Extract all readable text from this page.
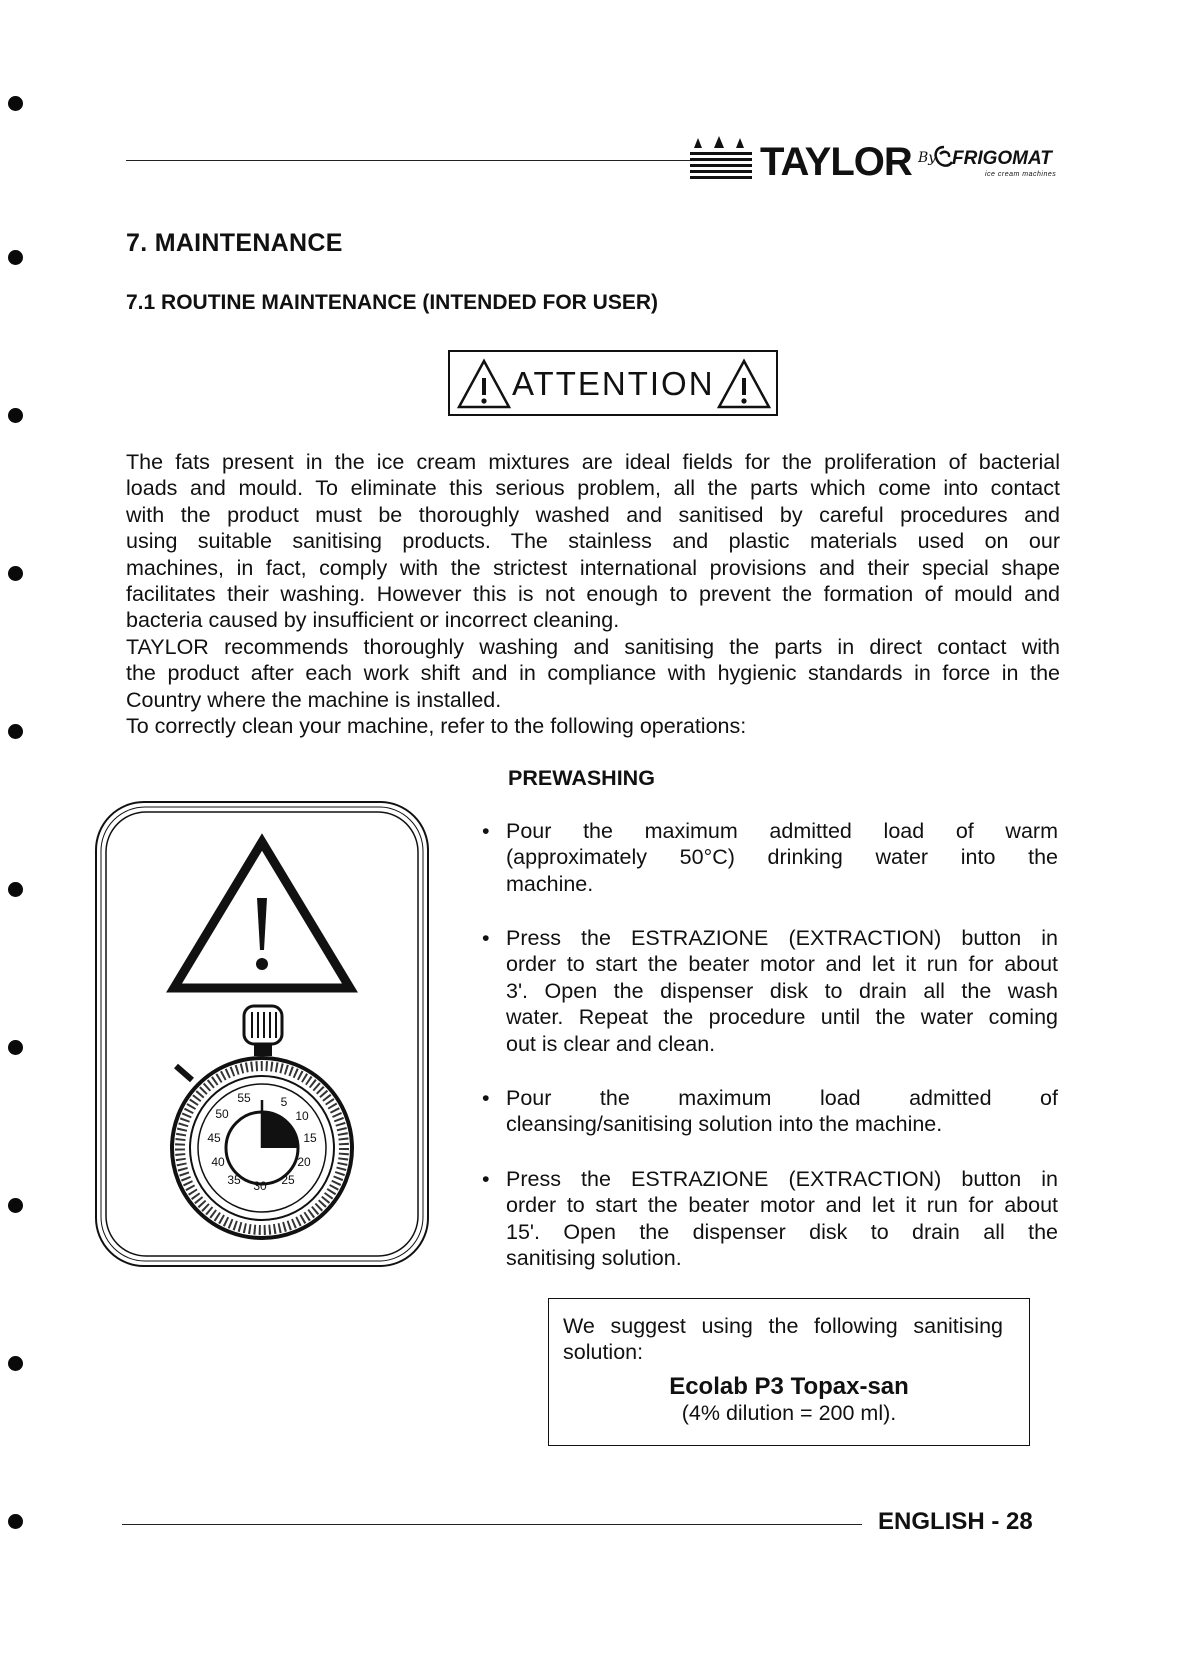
TAYLOR By FRIGOMAT
ice cream machines
7. MAINTENANCE
7.1 ROUTINE MAINTENANCE (INTENDED FOR USER)
ATTENTION
The fats present in the ice cream mixtures are ideal fields for the proliferation of bacterial
loads and mould. To eliminate this serious problem, all the parts which come into contact
with the product must be thoroughly washed and sanitised by careful procedures and
using suitable sanitising products. The stainless and plastic materials used on our
machines, in fact, comply with the strictest international provisions and their special shape
facilitates their washing. However this is not enough to prevent the formation of mould and
bacteria caused by insufficient or incorrect cleaning.
TAYLOR recommends thoroughly washing and sanitising the parts in direct contact with
the product after each work shift and in compliance with hygienic standards in force in the
Country where the machine is installed.
To correctly clean your machine, refer to the following operations:
55 5
50	10
45	15
40	20
35 30 25
PREWASHING
• Pour the maximum admitted load of warm
(approximately 50°C) drinking water into the
machine.
• Press the ESTRAZIONE (EXTRACTION) button in
order to start the beater motor and let it run for about
3'. Open the dispenser disk to drain all the wash
water. Repeat the procedure until the water coming
out is clear and clean.
• Pour the maximum load admitted of
cleansing/sanitising solution into the machine.
• Press the ESTRAZIONE (EXTRACTION) button in
order to start the beater motor and let it run for about
15'. Open the dispenser disk to drain all the
sanitising solution.
We suggest using the following sanitising
solution:
Ecolab P3 Topax-san
(4% dilution = 200 ml).
ENGLISH - 28
